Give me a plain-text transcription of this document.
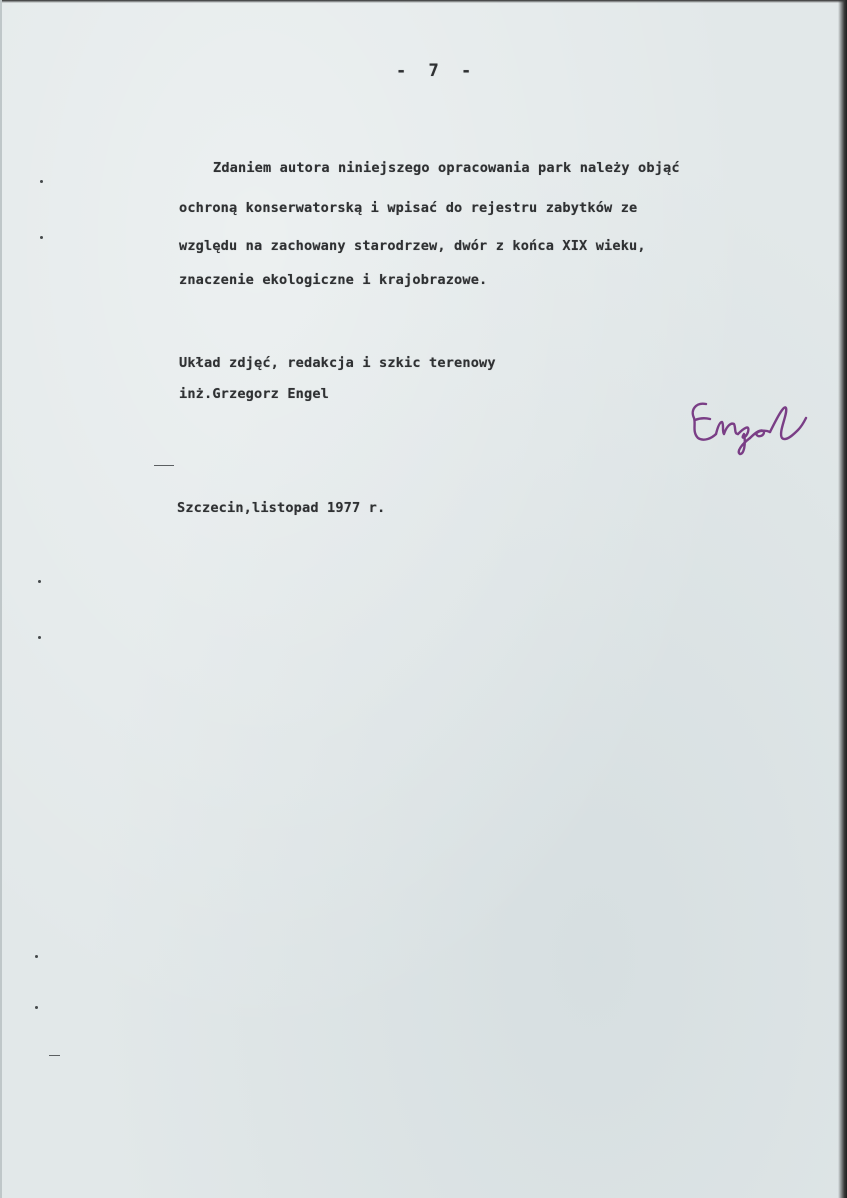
- 7 -
Zdaniem autora niniejszego opracowania park należy objąć
ochroną konserwatorską i wpisać do rejestru zabytków ze
względu na zachowany starodrzew, dwór z końca XIX wieku,
znaczenie ekologiczne i krajobrazowe.
Układ zdjęć, redakcja i szkic terenowy
inż.Grzegorz Engel
Szczecin,listopad 1977 r.
